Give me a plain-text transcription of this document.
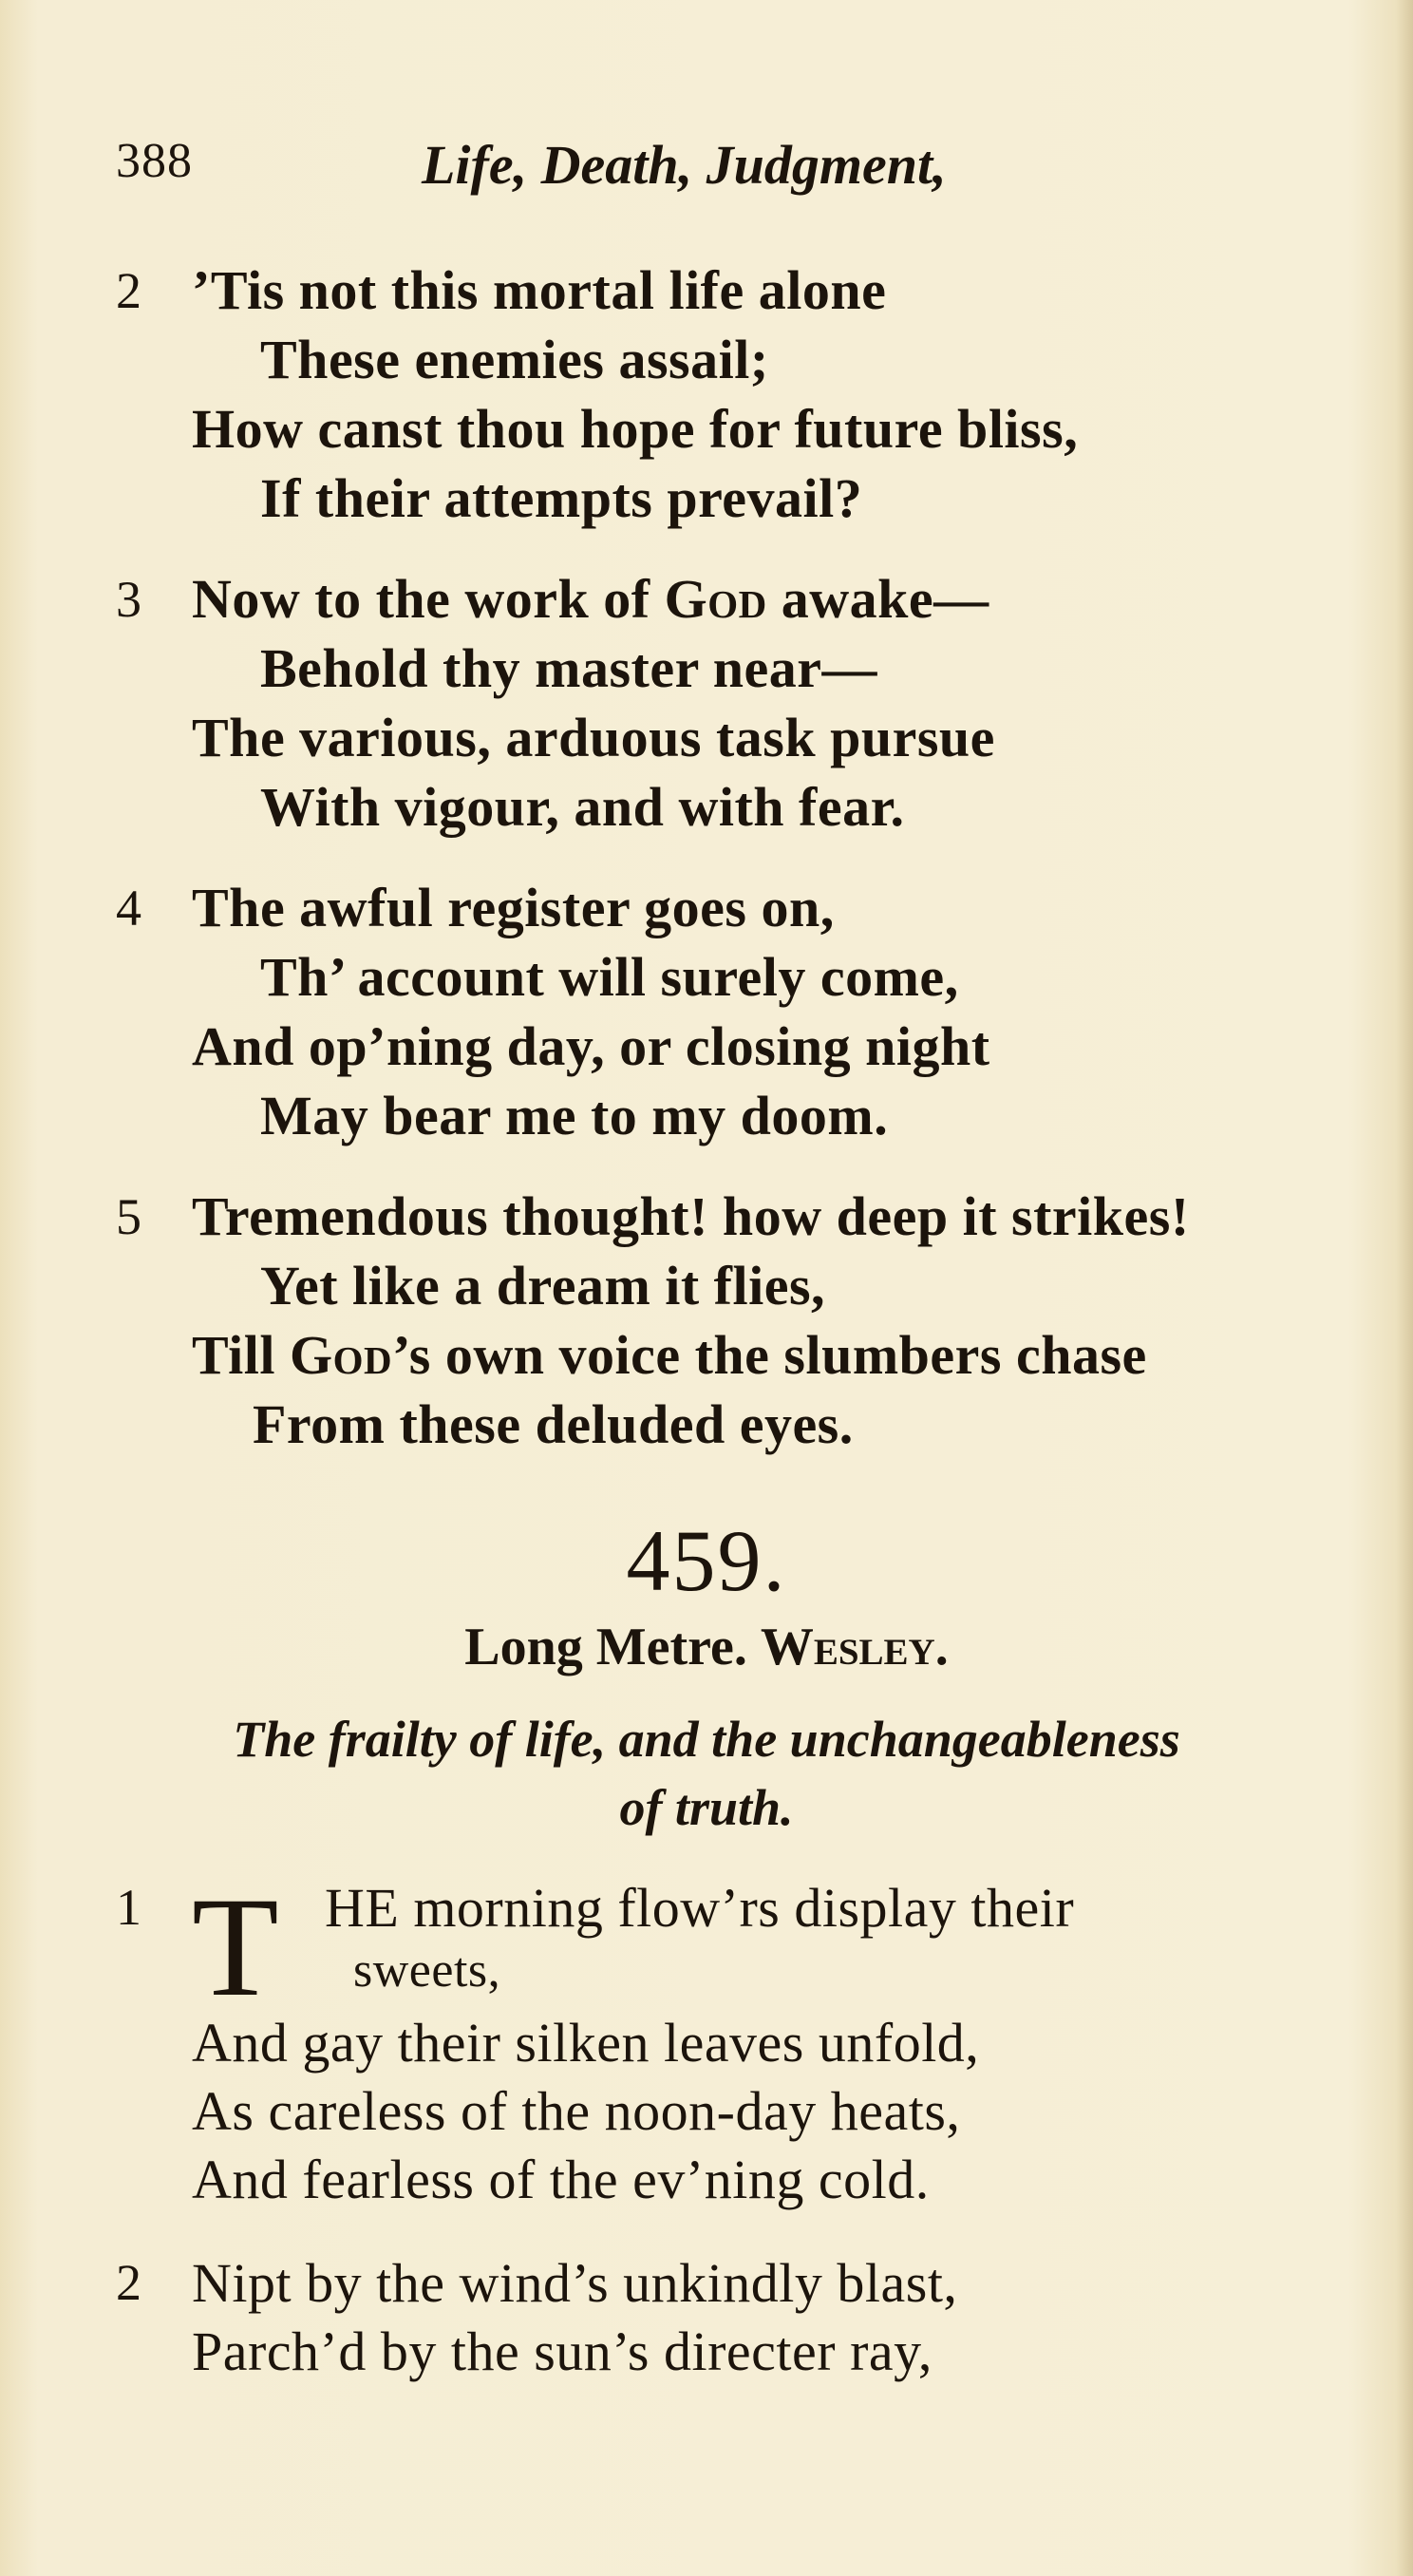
388	Life, Death, Judgment,
2 ’Tis not this mortal life alone
These enemies assail;
How canst thou hope for future bliss,
If their attempts prevail?
3 Now to the work of God awake—
Behold thy master near—
The various, arduous task pursue
With vigour, and with fear.
4 The awful register goes on,
Th’ account will surely come,
And op’ning day, or closing night
May bear me to my doom.
5 Tremendous thought! how deep it strikes!
Yet like a dream it flies,
Till God’s own voice the slumbers chase
From these deluded eyes.
459.
Long Metre. Wesley.
The frailty of life, and the unchangeableness
of truth.
1 T HE morning flow’rs display their
sweets,
And gay their silken leaves unfold,
As careless of the noon-day heats,
And fearless of the ev’ning cold.
2 Nipt by the wind’s unkindly blast,
Parch’d by the sun’s directer ray,
